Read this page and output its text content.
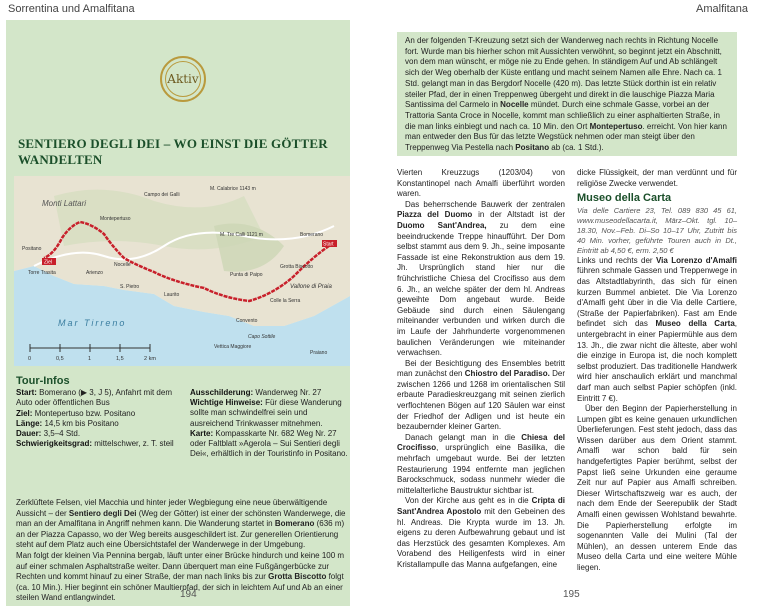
Sorrentina und Amalfitana
Aktiv
SENTIERO DEGLI DEI – WO EINST DIE GÖTTER WANDELTEN
0	0,5	1	1,5	2 km
Monti Lattari
Campo dei Galli
M. Calabrice 1143 m
Positano
Torre Trasita
Montepertuso
Nocelle
Bomerano
Grotta Biscotto
Arienzo
S. Pietro
Laurito
M. Tre Calli 1121 m
Punta di Paipo
Vallone di Praia
Colle la Serra
Convento
Vettica Maggiore
Praiano
Capo Sottile
Mar Tirreno
Ziel
Start
Tour-Infos
Start: Bomerano (▶ 3, J 5), Anfahrt mit dem Auto oder öffentlichen Bus
Ziel: Montepertuso bzw. Positano
Länge: 14,5 km bis Positano
Dauer: 3,5–4 Std.
Schwierigkeitsgrad: mittelschwer, z. T. steil
Ausschilderung: Wanderweg Nr. 27
Wichtige Hinweise: Für diese Wanderung sollte man schwindelfrei sein und ausreichend Trinkwasser mitnehmen.
Karte: Kompasskarte Nr. 682 Weg Nr. 27 oder Faltblatt »Agerola – Sui Sentieri degli Dei«, erhältlich in der Touristinfo in Positano.

Zerklüftete Felsen, viel Macchia und hinter jeder Wegbiegung eine neue überwältigende Aussicht – der Sentiero degli Dei (Weg der Götter) ist einer der schönsten Wanderwege, die man an der Amalfitana in Angriff nehmen kann. Die Wanderung startet in Bomerano (636 m) an der Piazza Capasso, wo der Weg bereits ausgeschildert ist. Zur generellen Orientierung steht auf dem Platz auch eine Übersichtstafel der Wanderwege in der Umgebung.

Man folgt der kleinen Via Pennina bergab, läuft unter einer Brücke hindurch und keine 100 m auf einer schmalen Asphaltstraße weiter. Dann überquert man eine Fußgängerbücke zur Rechten und kommt hinauf zu einer Straße, der man nach links bis zur Grotta Biscotto folgt (ca. 10 Min.). Hier beginnt ein schöner Maultierpfad, der sich in leichtem Auf und Ab an einer steilen Wand entlangwindet.	194
Amalfitana
An der folgenden T-Kreuzung setzt sich der Wanderweg nach rechts in Richtung Nocelle fort. Wurde man bis hierher schon mit Aussichten verwöhnt, so beginnt jetzt ein Abschnitt, von dem man wünscht, er möge nie zu Ende gehen. In ständigem Auf und Ab schlängelt sich der Weg oberhalb der Küste entlang und macht seinem Namen alle Ehre. Nach ca. 1 Std. gelangt man in das Bergdorf Nocelle (420 m). Das letzte Stück dorthin ist ein relativ steiler Pfad, der in einen Treppenweg übergeht und direkt in die lauschige Piazza Maria Santissima del Carmelo in Nocelle mündet. Durch eine schmale Gasse, vorbei an der Trattoria Santa Croce in Nocelle, kommt man schließlich zu einer asphaltierten Straße, in die man links einbiegt und nach ca. 10 Min. den Ort Montepertuso. erreicht. Von hier kann man entweder den Bus für das letzte Wegstück nehmen oder man steigt über den Treppenweg Via Pestella nach Positano ab (ca. 1 Std.).

Vierten Kreuzzugs (1203/04) von Konstantinopel nach Amalfi überführt worden waren.

Das beherrschende Bauwerk der zentralen Piazza del Duomo in der Altstadt ist der Duomo Sant'Andrea, zu dem eine beeindruckende Treppe hinaufführt. Der Dom selbst stammt aus dem 9. Jh., seine imposante Fassade ist eine Rekonstruktion aus dem 19. Jh. Ursprünglich stand hier nur die frühchristliche Chiesa del Crocifisso aus dem 6. Jh., an welche später der dem hl. Andreas geweihte Dom angebaut wurde. Beide Gebäude sind durch einen Säulengang miteinander verbunden und wirken durch die im Laufe der Jahrhunderte vorgenommenen baulichen Veränderungen wie miteinander verwachsen.

Bei der Besichtigung des Ensembles betritt man zunächst den Chiostro del Paradiso. Der zwischen 1266 und 1268 im orientalischen Stil erbaute Paradieskreuzgang mit seinen zierlich verflochtenen Bögen auf 120 Säulen war einst der Friedhof der Adligen und ist heute ein bezaubernder kleiner Garten.

Danach gelangt man in die Chiesa del Crocifisso, ursprünglich eine Basilika, die mehrfach umgebaut wurde. Bei der letzten Restaurierung 1994 entfernte man jeglichen Barockschmuck, sodass nunmehr wieder die mittelalterliche Baustruktur sichtbar ist.

Von der Kirche aus geht es in die Cripta di Sant'Andrea Apostolo mit den Gebeinen des hl. Andreas. Die Krypta wurde im 13. Jh. eigens zu deren Aufbewahrung gebaut und ist das Herzstück des gesamten Komplexes. Am Vorabend des Heiligenfests wird in einer Kristallampulle das Manna aufgefangen, eine

dicke Flüssigkeit, der man verdünnt und für religiöse Zwecke verwendet.

Museo della Carta

Via delle Cartiere 23, Tel. 089 830 45 61, www.museodellacarta.it, März–Okt. tgl. 10–18.30, Nov.–Feb. Di–So 10–17 Uhr, Zutritt bis 40 Min. vorher, geführte Touren auch in Dt., Eintritt ab 4,50 €, erm. 2,50 €

Links und rechts der Via Lorenzo d'Amalfi führen schmale Gassen und Treppenwege in das Altstadtlabyrinth, das sich für einen kurzen Bummel anbietet. Die Via Lorenzo d'Amalfi geht über in die Via delle Cartiere, (Straße der Papierfabriken). Fast am Ende befindet sich das Museo della Carta, untergebracht in einer Papiermühle aus dem 13. Jh., die zwar nicht die älteste, aber wohl die einzige in Europa ist, die noch komplett selbst produziert. Das traditionelle Handwerk wird hier anschaulich erklärt und manchmal darf man auch selbst Papier schöpfen (inkl. Eintritt 7 €).

Über den Beginn der Papierherstellung in Lumpen gibt es keine genauen urkundlichen Überlieferungen. Fest steht jedoch, dass das Wissen darüber aus dem Orient stammt. Amalfi war schon bald für sein handgefertigtes Papier berühmt, selbst der Papst ließ seine Urkunden eine geraume Zeit nur auf Papier aus Amalfi schreiben. Dieser Wirtschaftszweig war es auch, der nach dem Ende der Seerepublik der Stadt Amalfi einen gewissen Wohlstand bewahrte. Die Papierherstellung erfolgte im sogenannten Valle dei Mulini (Tal der Mühlen), an dessen unterem Ende das Museo della Carta und eine weitere Mühle liegen.

195
